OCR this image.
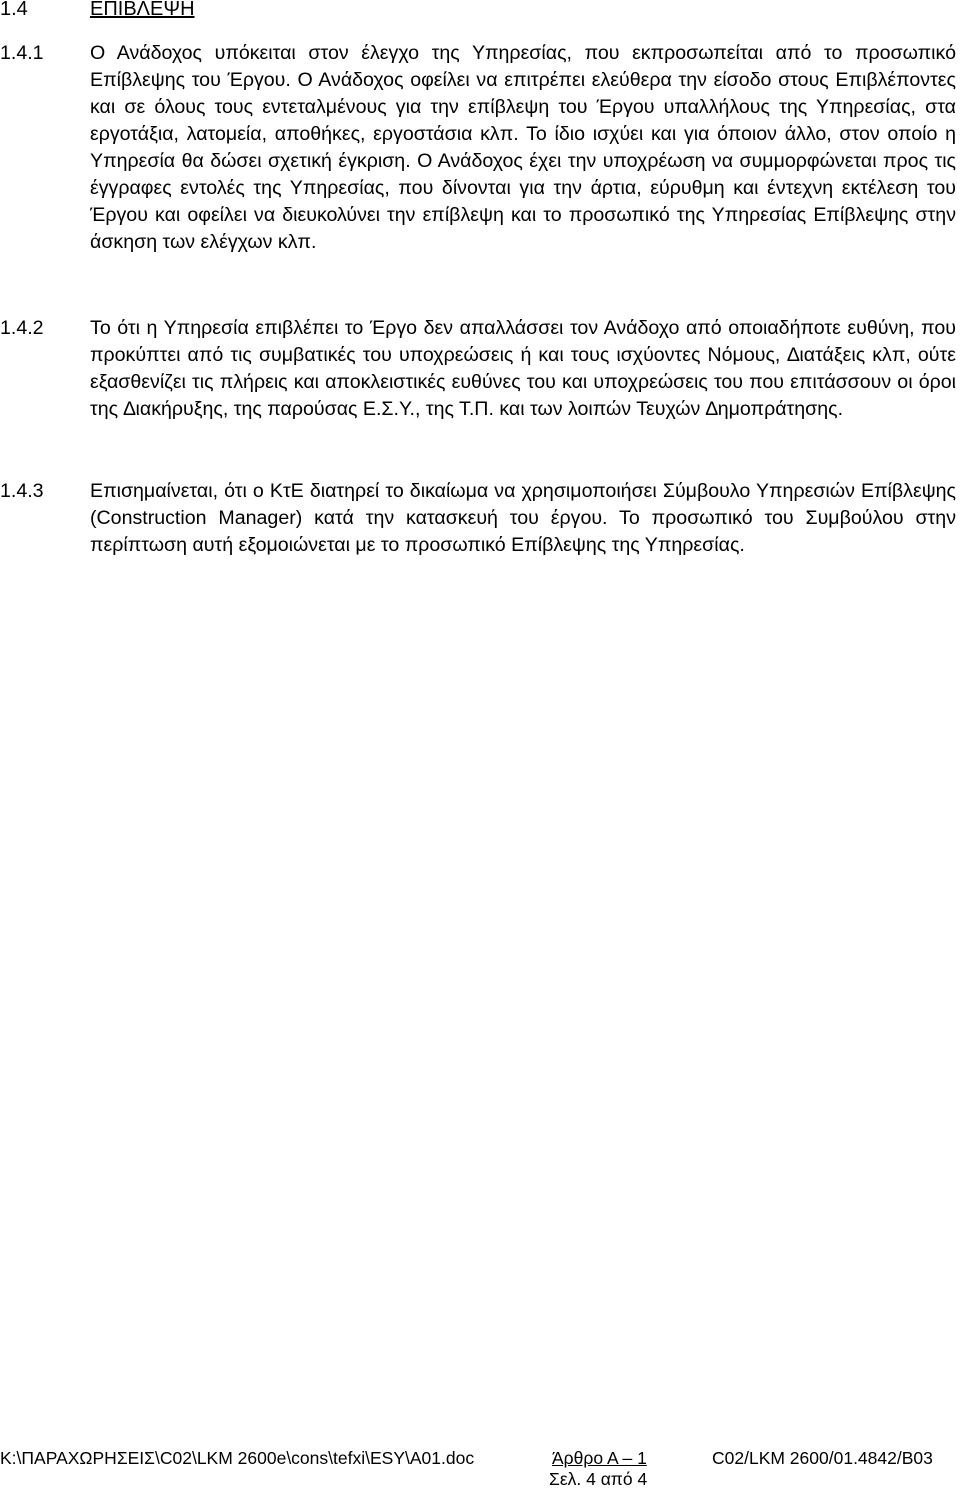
1.4	ΕΠΙΒΛΕΨΗ
1.4.1 Ο Ανάδοχος υπόκειται στον έλεγχο της Υπηρεσίας, που εκπροσωπείται από το προσωπικό Επίβλεψης του Έργου. Ο Ανάδοχος οφείλει να επιτρέπει ελεύθερα την είσοδο στους Επιβλέποντες και σε όλους τους εντεταλμένους για την επίβλεψη του Έργου υπαλλήλους της Υπηρεσίας, στα εργοτάξια, λατομεία, αποθήκες, εργοστάσια κλπ. Το ίδιο ισχύει και για όποιον άλλο, στον οποίο η Υπηρεσία θα δώσει σχετική έγκριση. Ο Ανάδοχος έχει την υποχρέωση να συμμορφώνεται προς τις έγγραφες εντολές της Υπηρεσίας, που δίνονται για την άρτια, εύρυθμη και έντεχνη εκτέλεση του Έργου και οφείλει να διευκολύνει την επίβλεψη και το προσωπικό της Υπηρεσίας Επίβλεψης στην άσκηση των ελέγχων κλπ.
1.4.2 Το ότι η Υπηρεσία επιβλέπει το Έργο δεν απαλλάσσει τον Ανάδοχο από οποιαδήποτε ευθύνη, που προκύπτει από τις συμβατικές του υποχρεώσεις ή και τους ισχύοντες Νόμους, ∆ιατάξεις κλπ, ούτε εξασθενίζει τις πλήρεις και αποκλειστικές ευθύνες του και υποχρεώσεις του που επιτάσσουν οι όροι της ∆ιακήρυξης, της παρούσας Ε.Σ.Υ., της Τ.Π. και των λοιπών Τευχών ∆ημοπράτησης.
1.4.3 Επισημαίνεται, ότι ο ΚτΕ διατηρεί το δικαίωμα να χρησιμοποιήσει Σύμβουλο Υπηρεσιών Επίβλεψης (Construction Manager) κατά την κατασκευή του έργου. Το προσωπικό του Συμβούλου στην περίπτωση αυτή εξομοιώνεται με το προσωπικό Επίβλεψης της Υπηρεσίας.
K:\ΠΑΡΑΧΩΡΗΣΕΙΣ\C02\LKM 2600e\cons\tefxi\ESY\A01.doc	Άρθρο Α – 1	C02/LKM 2600/01.4842/B03
Σελ. 4 από 4
